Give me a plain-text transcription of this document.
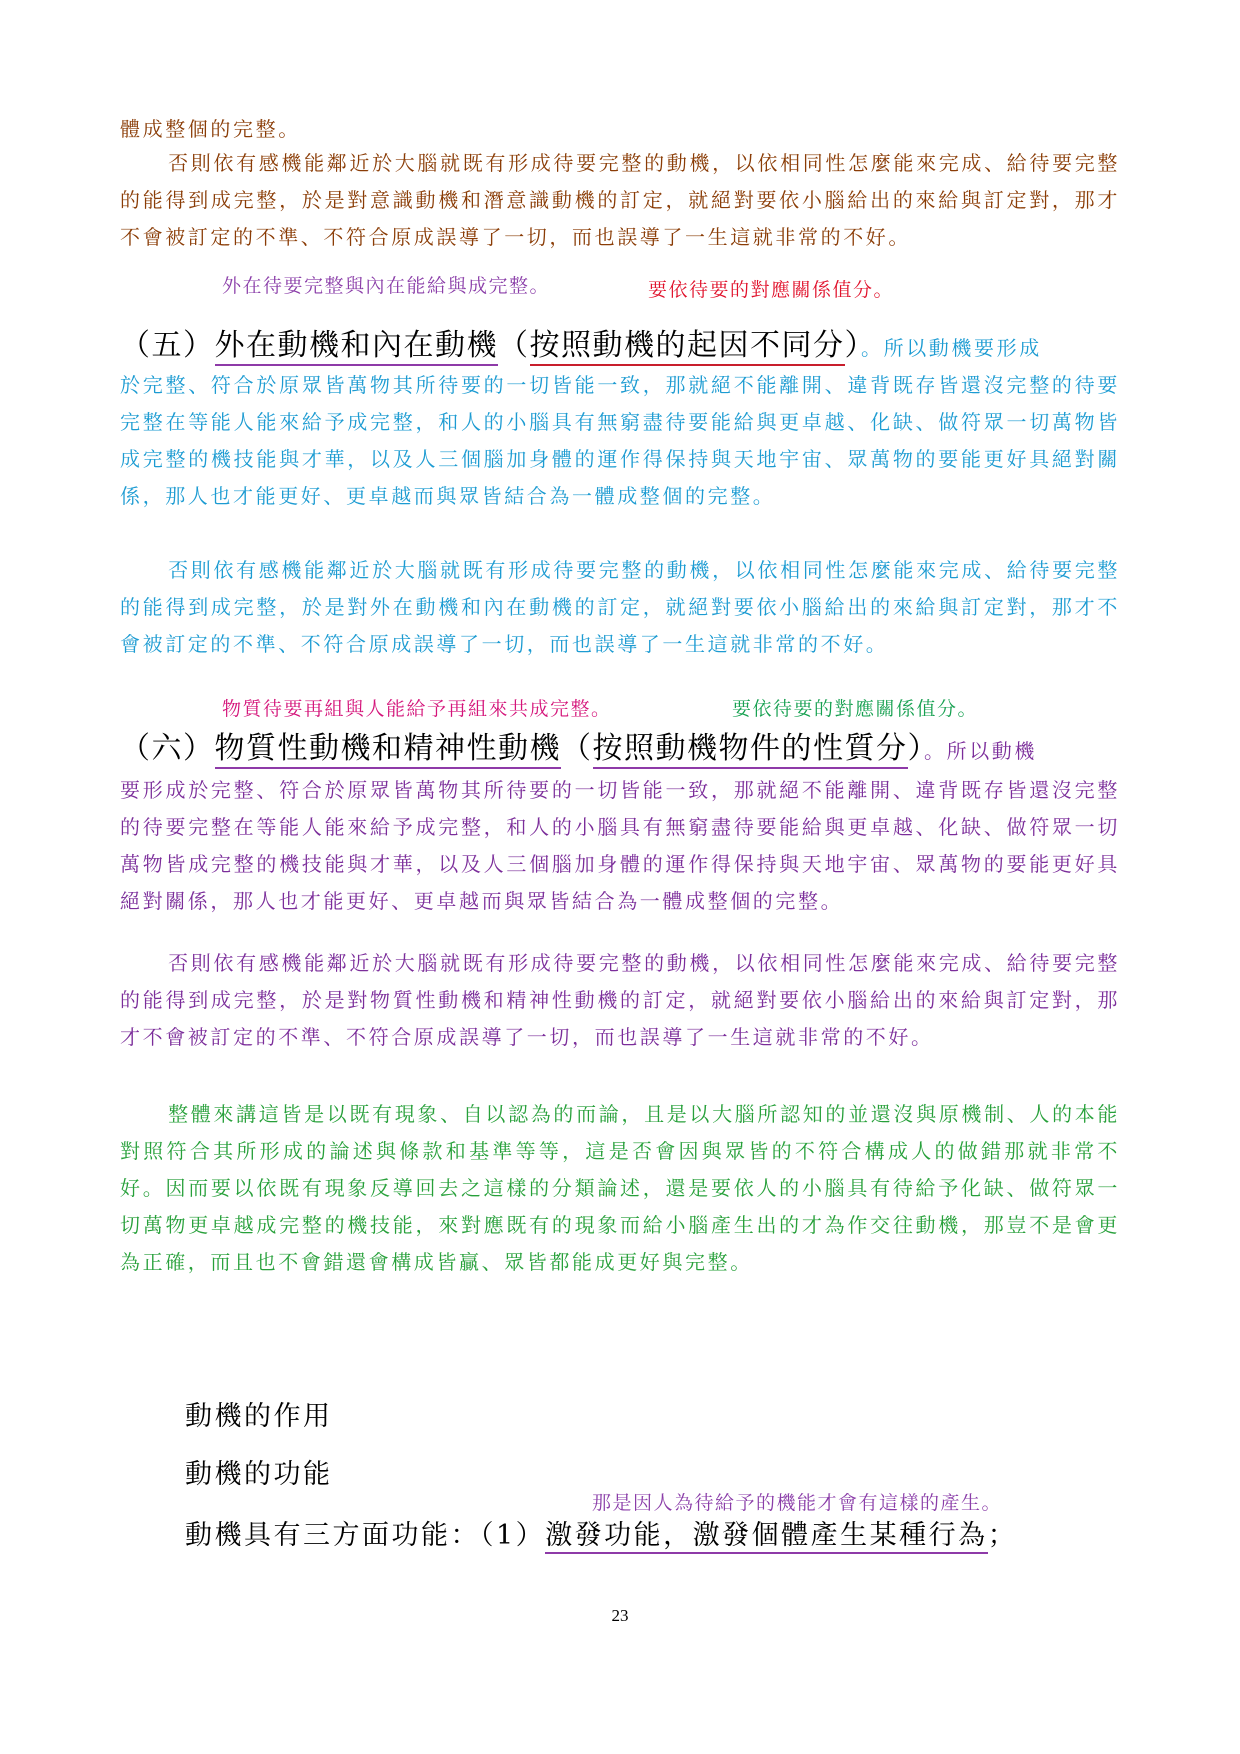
體成整個的完整。

否則依有感機能鄰近於大腦就既有形成待要完整的動機，以依相同性怎麼能來完成、給待要完整的能得到成完整，於是對意識動機和潛意識動機的訂定，就絕對要依小腦給出的來給與訂定對，那才不會被訂定的不準、不符合原成誤導了一切，而也誤導了一生這就非常的不好。

外在待要完整與內在能給與成完整。	要依待要的對應關係值分。
（五）外在動機和內在動機（按照動機的起因不同分）。所以動機要形成

於完整、符合於原眾皆萬物其所待要的一切皆能一致，那就絕不能離開、違背既存皆還沒完整的待要完整在等能人能來給予成完整，和人的小腦具有無窮盡待要能給與更卓越、化缺、做符眾一切萬物皆成完整的機技能與才華，以及人三個腦加身體的運作得保持與天地宇宙、眾萬物的要能更好具絕對關係，那人也才能更好、更卓越而與眾皆結合為一體成整個的完整。

否則依有感機能鄰近於大腦就既有形成待要完整的動機，以依相同性怎麼能來完成、給待要完整的能得到成完整，於是對外在動機和內在動機的訂定，就絕對要依小腦給出的來給與訂定對，那才不會被訂定的不準、不符合原成誤導了一切，而也誤導了一生這就非常的不好。

物質待要再組與人能給予再組來共成完整。	要依待要的對應關係值分。
（六）物質性動機和精神性動機（按照動機物件的性質分）。所以動機

要形成於完整、符合於原眾皆萬物其所待要的一切皆能一致，那就絕不能離開、違背既存皆還沒完整的待要完整在等能人能來給予成完整，和人的小腦具有無窮盡待要能給與更卓越、化缺、做符眾一切萬物皆成完整的機技能與才華，以及人三個腦加身體的運作得保持與天地宇宙、眾萬物的要能更好具絕對關係，那人也才能更好、更卓越而與眾皆結合為一體成整個的完整。

否則依有感機能鄰近於大腦就既有形成待要完整的動機，以依相同性怎麼能來完成、給待要完整的能得到成完整，於是對物質性動機和精神性動機的訂定，就絕對要依小腦給出的來給與訂定對，那才不會被訂定的不準、不符合原成誤導了一切，而也誤導了一生這就非常的不好。

整體來講這皆是以既有現象、自以認為的而論，且是以大腦所認知的並還沒與原機制、人的本能對照符合其所形成的論述與條款和基準等等，這是否會因與眾皆的不符合構成人的做錯那就非常不好。因而要以依既有現象反導回去之這樣的分類論述，還是要依人的小腦具有待給予化缺、做符眾一切萬物更卓越成完整的機技能，來對應既有的現象而給小腦產生出的才為作交往動機，那豈不是會更為正確，而且也不會錯還會構成皆贏、眾皆都能成更好與完整。

動機的作用
動機的功能
那是因人為待給予的機能才會有這樣的產生。
動機具有三方面功能：（1）激發功能，激發個體產生某種行為；
23
